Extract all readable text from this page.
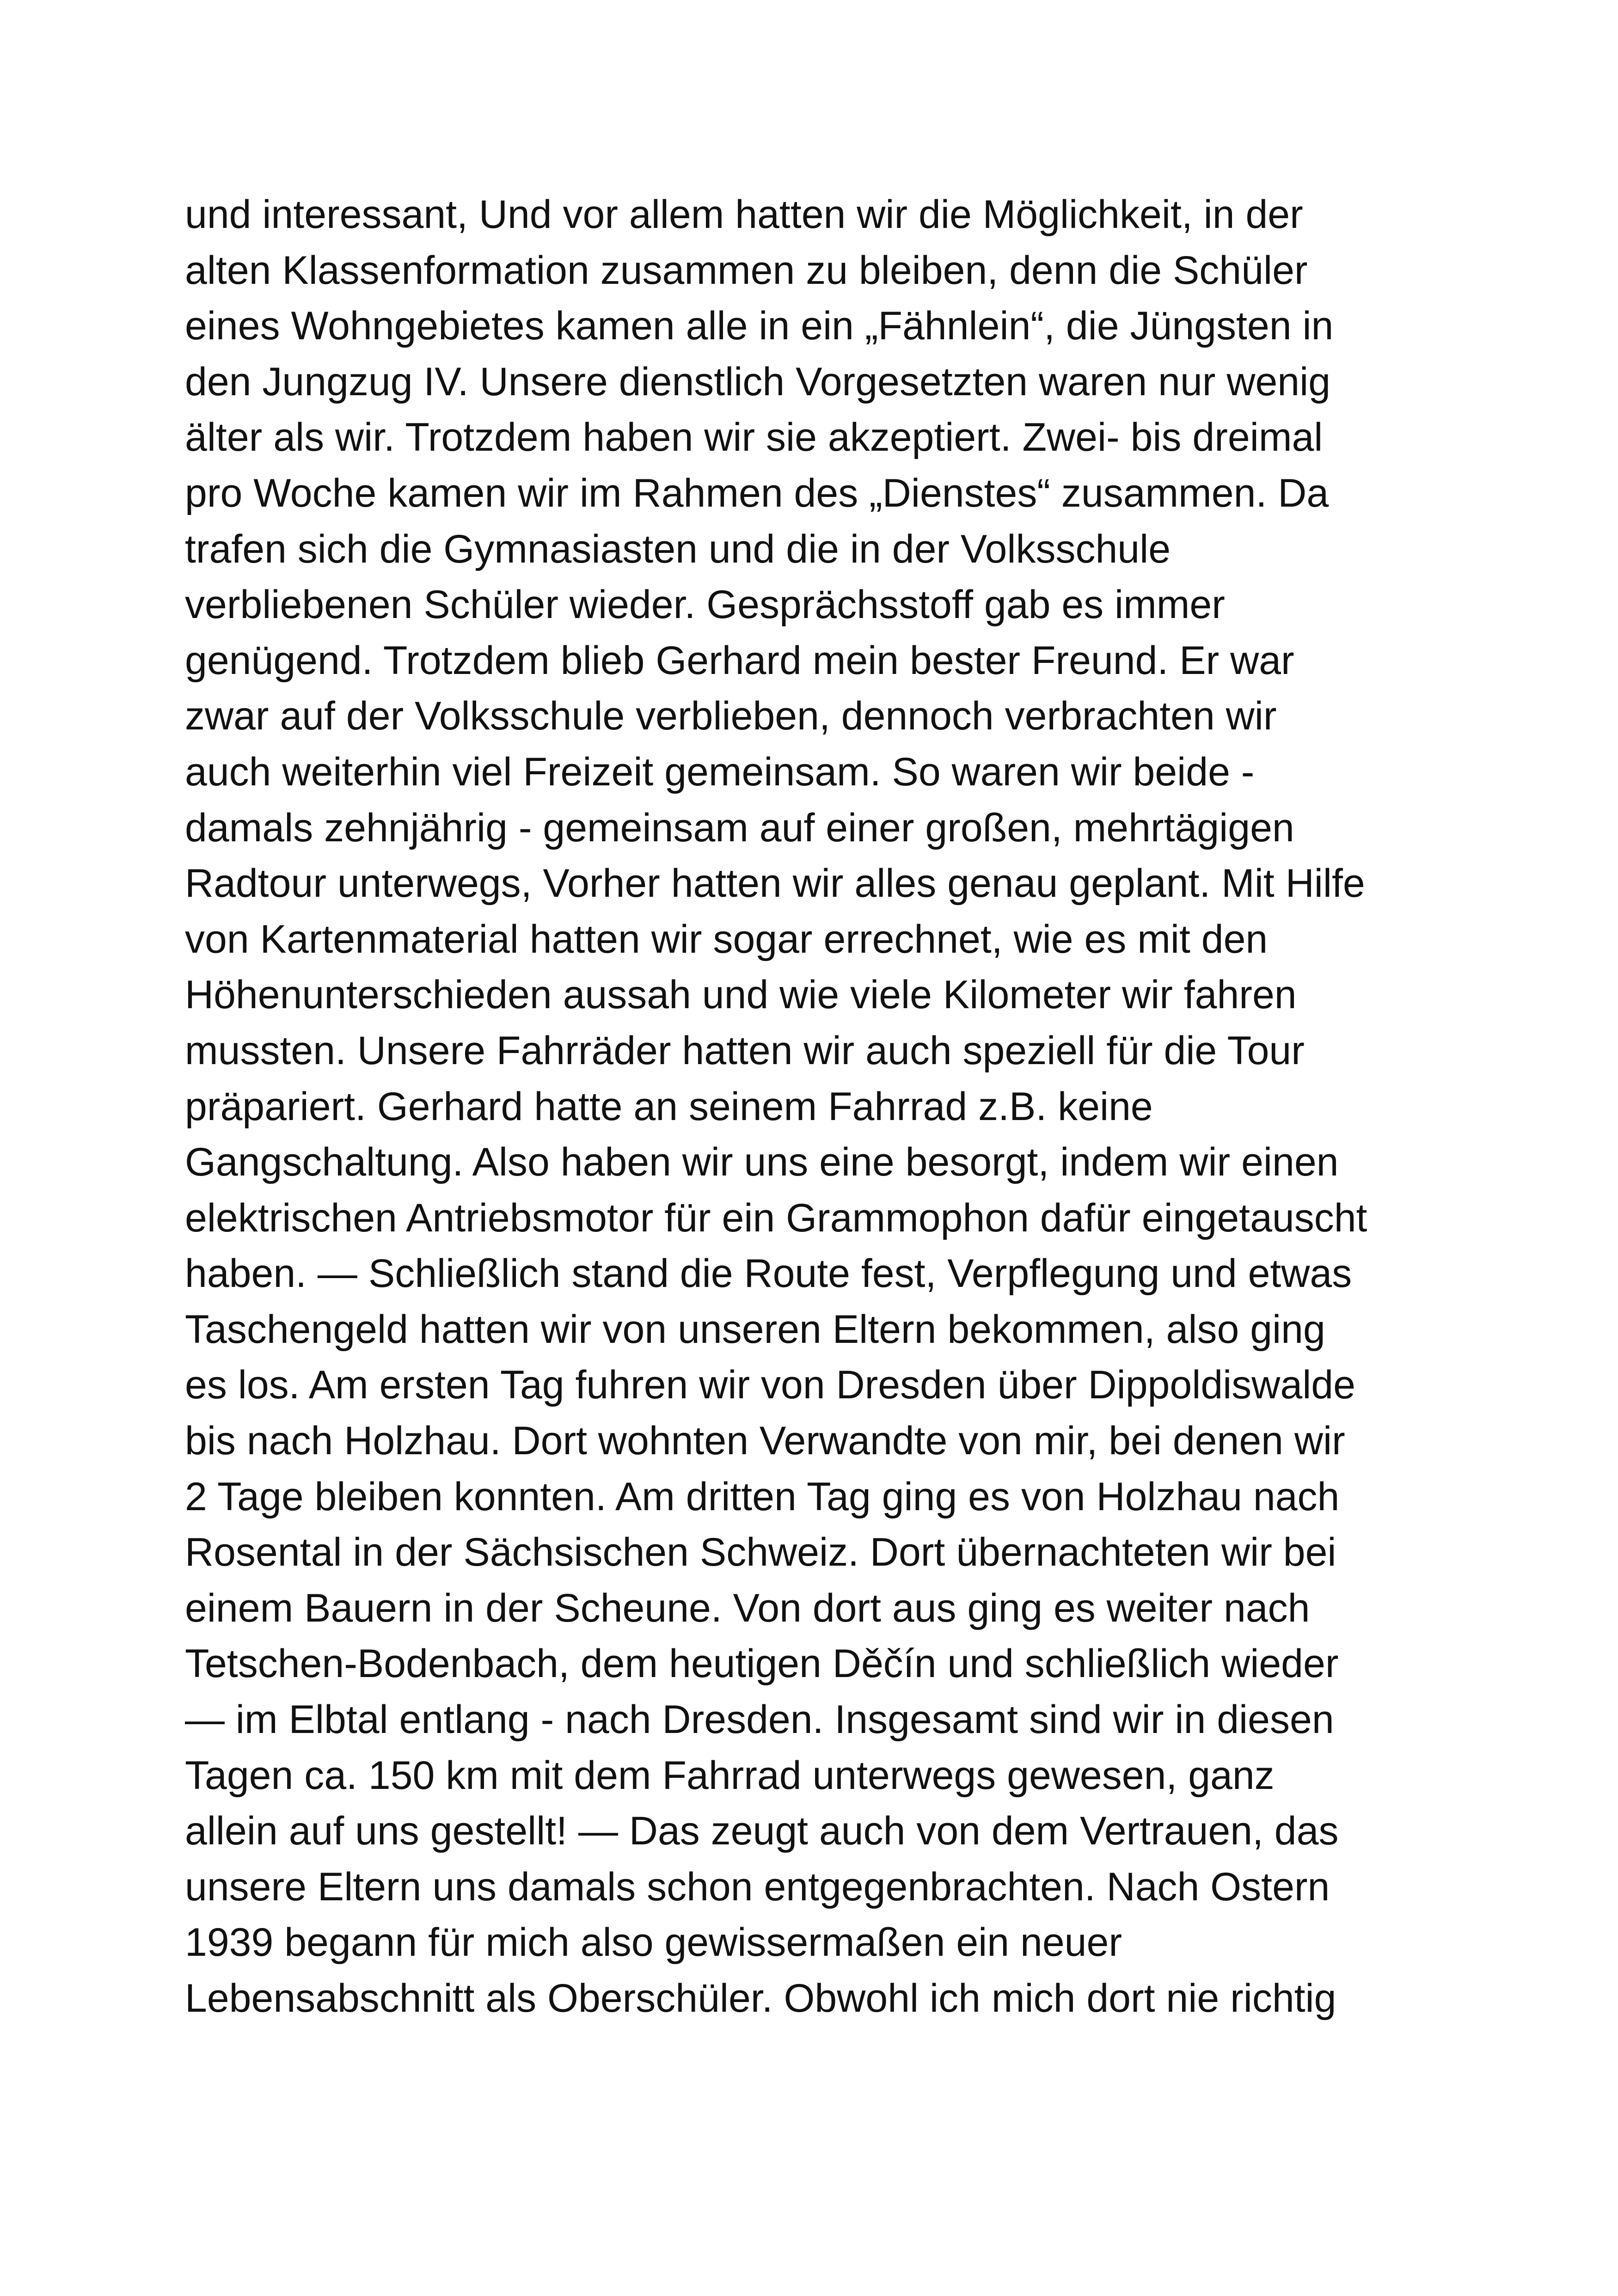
und interessant, Und vor allem hatten wir die Möglichkeit, in der
alten Klassenformation zusammen zu bleiben, denn die Schüler
eines Wohngebietes kamen alle in ein „Fähnlein“, die Jüngsten in
den Jungzug IV. Unsere dienstlich Vorgesetzten waren nur wenig
älter als wir. Trotzdem haben wir sie akzeptiert. Zwei- bis dreimal
pro Woche kamen wir im Rahmen des „Dienstes“ zusammen. Da
trafen sich die Gymnasiasten und die in der Volksschule
verbliebenen Schüler wieder. Gesprächsstoff gab es immer
genügend. Trotzdem blieb Gerhard mein bester Freund. Er war
zwar auf der Volksschule verblieben, dennoch verbrachten wir
auch weiterhin viel Freizeit gemeinsam. So waren wir beide -
damals zehnjährig - gemeinsam auf einer großen, mehrtägigen
Radtour unterwegs, Vorher hatten wir alles genau geplant. Mit Hilfe
von Kartenmaterial hatten wir sogar errechnet, wie es mit den
Höhenunterschieden aussah und wie viele Kilometer wir fahren
mussten. Unsere Fahrräder hatten wir auch speziell für die Tour
präpariert. Gerhard hatte an seinem Fahrrad z.B. keine
Gangschaltung. Also haben wir uns eine besorgt, indem wir einen
elektrischen Antriebsmotor für ein Grammophon dafür eingetauscht
haben. — Schließlich stand die Route fest, Verpflegung und etwas
Taschengeld hatten wir von unseren Eltern bekommen, also ging
es los. Am ersten Tag fuhren wir von Dresden über Dippoldiswalde
bis nach Holzhau. Dort wohnten Verwandte von mir, bei denen wir
2 Tage bleiben konnten. Am dritten Tag ging es von Holzhau nach
Rosental in der Sächsischen Schweiz. Dort übernachteten wir bei
einem Bauern in der Scheune. Von dort aus ging es weiter nach
Tetschen-Bodenbach, dem heutigen Děčín und schließlich wieder
— im Elbtal entlang - nach Dresden. Insgesamt sind wir in diesen
Tagen ca. 150 km mit dem Fahrrad unterwegs gewesen, ganz
allein auf uns gestellt! — Das zeugt auch von dem Vertrauen, das
unsere Eltern uns damals schon entgegenbrachten. Nach Ostern
1939 begann für mich also gewissermaßen ein neuer
Lebensabschnitt als Oberschüler. Obwohl ich mich dort nie richtig
